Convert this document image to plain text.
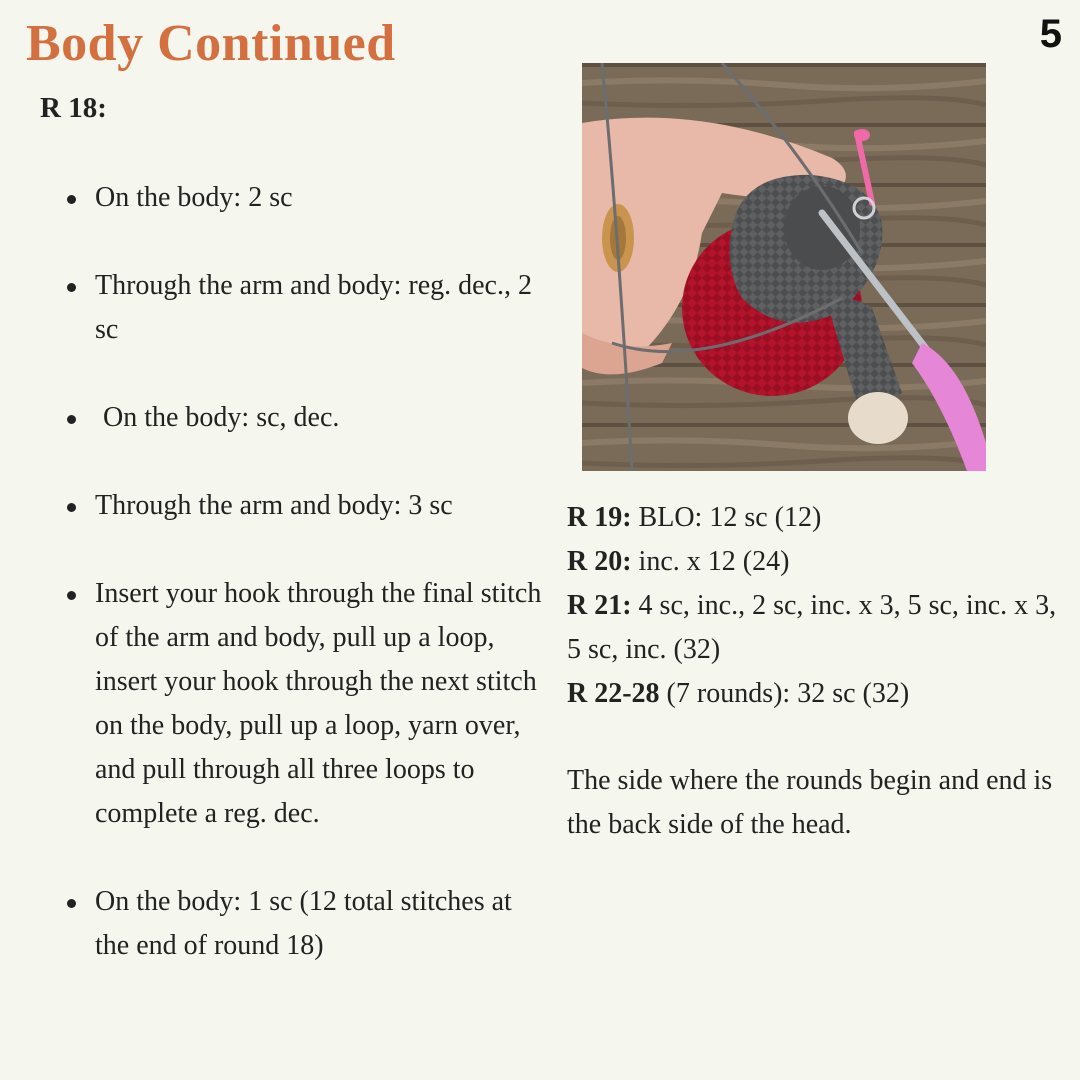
Body Continued	5
R 18:
On the body: 2 sc
Through the arm and body: reg. dec., 2 sc
On the body: sc, dec.
Through the arm and body: 3 sc
Insert your hook through the final stitch of the arm and body, pull up a loop, insert your hook through the next stitch on the body, pull up a loop, yarn over, and pull through all three loops to complete a reg. dec.
On the body: 1 sc (12 total stitches at the end of round 18)
R 19: BLO: 12 sc (12)
R 20: inc. x 12 (24)
R 21: 4 sc, inc., 2 sc, inc. x 3, 5 sc, inc. x 3, 5 sc, inc. (32)
R 22-28 (7 rounds): 32 sc (32)
The side where the rounds begin and end is the back side of the head.
